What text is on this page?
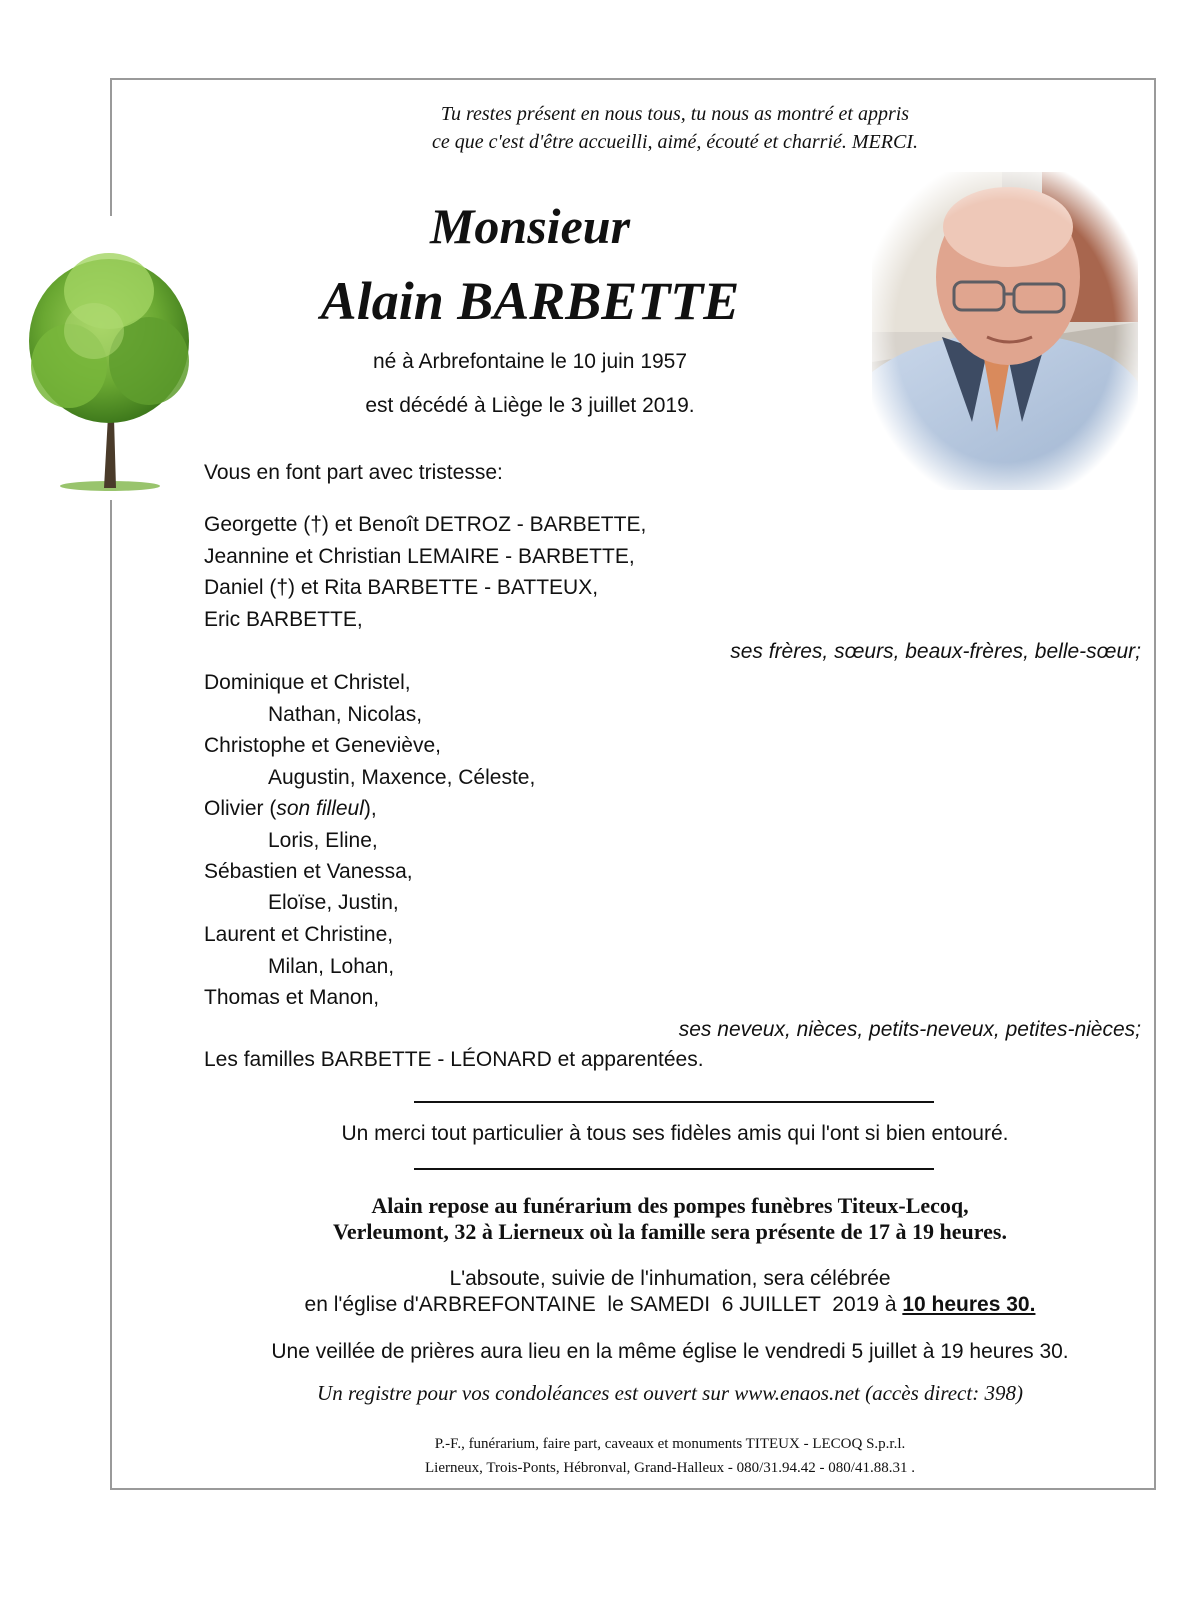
Tu restes présent en nous tous, tu nous as montré et appris
ce que c'est d'être accueilli, aimé, écouté et charrié. MERCI.
Monsieur
Alain BARBETTE
né à Arbrefontaine le 10 juin 1957
est décédé à Liège le 3 juillet 2019.
Vous en font part avec tristesse:
Georgette (†) et Benoît DETROZ - BARBETTE,
Jeannine et Christian LEMAIRE - BARBETTE,
Daniel (†) et Rita BARBETTE - BATTEUX,
Eric BARBETTE,
ses frères, sœurs, beaux-frères, belle-sœur;
Dominique et Christel,
Nathan, Nicolas,
Christophe et Geneviève,
Augustin, Maxence, Céleste,
Olivier (son filleul),
Loris, Eline,
Sébastien et Vanessa,
Eloïse, Justin,
Laurent et Christine,
Milan, Lohan,
Thomas et Manon,
ses neveux, nièces, petits-neveux, petites-nièces;
Les familles BARBETTE - LÉONARD et apparentées.
Un merci tout particulier à tous ses fidèles amis qui l'ont si bien entouré.
Alain repose au funérarium des pompes funèbres Titeux-Lecoq,
Verleumont, 32 à Lierneux où la famille sera présente de 17 à 19 heures.
L'absoute, suivie de l'inhumation, sera célébrée
en l'église d'ARBREFONTAINE  le SAMEDI  6 JUILLET  2019 à 10 heures 30.
Une veillée de prières aura lieu en la même église le vendredi 5 juillet à 19 heures 30.
Un registre pour vos condoléances est ouvert sur www.enaos.net (accès direct: 398)
P.-F., funérarium, faire part, caveaux et monuments TITEUX - LECOQ S.p.r.l.
Lierneux, Trois-Ponts, Hébronval, Grand-Halleux - 080/31.94.42 - 080/41.88.31 .
